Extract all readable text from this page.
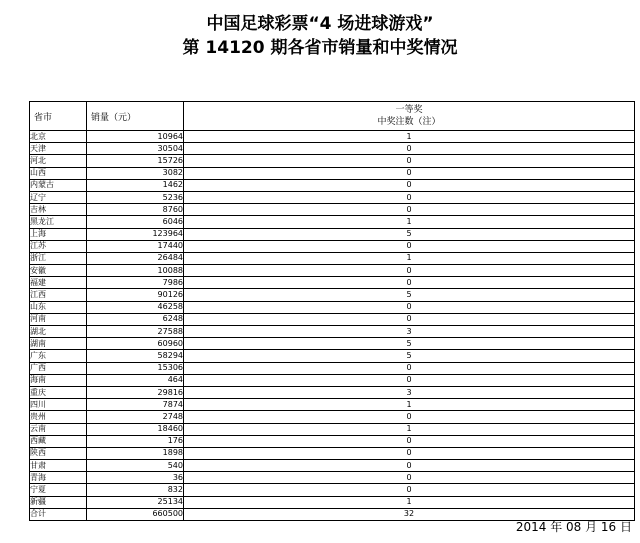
中国足球彩票“4 场进球游戏”
第 14120 期各省市销量和中奖情况
省市	销量（元）	一等奖
中奖注数（注）

北京	10964	1
天津	30504	0
河北	15726	0
山西	3082	0
内蒙古	1462	0
辽宁	5236	0
吉林	8760	0
黑龙江	6046	1
上海	123964	5
江苏	17440	0
浙江	26484	1
安徽	10088	0
福建	7986	0
江西	90126	5
山东	46258	0
河南	6248	0
湖北	27588	3
湖南	60960	5
广东	58294	5
广西	15306	0
海南	464	0
重庆	29816	3
四川	7874	1
贵州	2748	0
云南	18460	1
西藏	176	0
陕西	1898	0
甘肃	540	0
青海	36	0
宁夏	832	0
新疆	25134	1
合计	660500	32
2014 年 08 月 16 日
